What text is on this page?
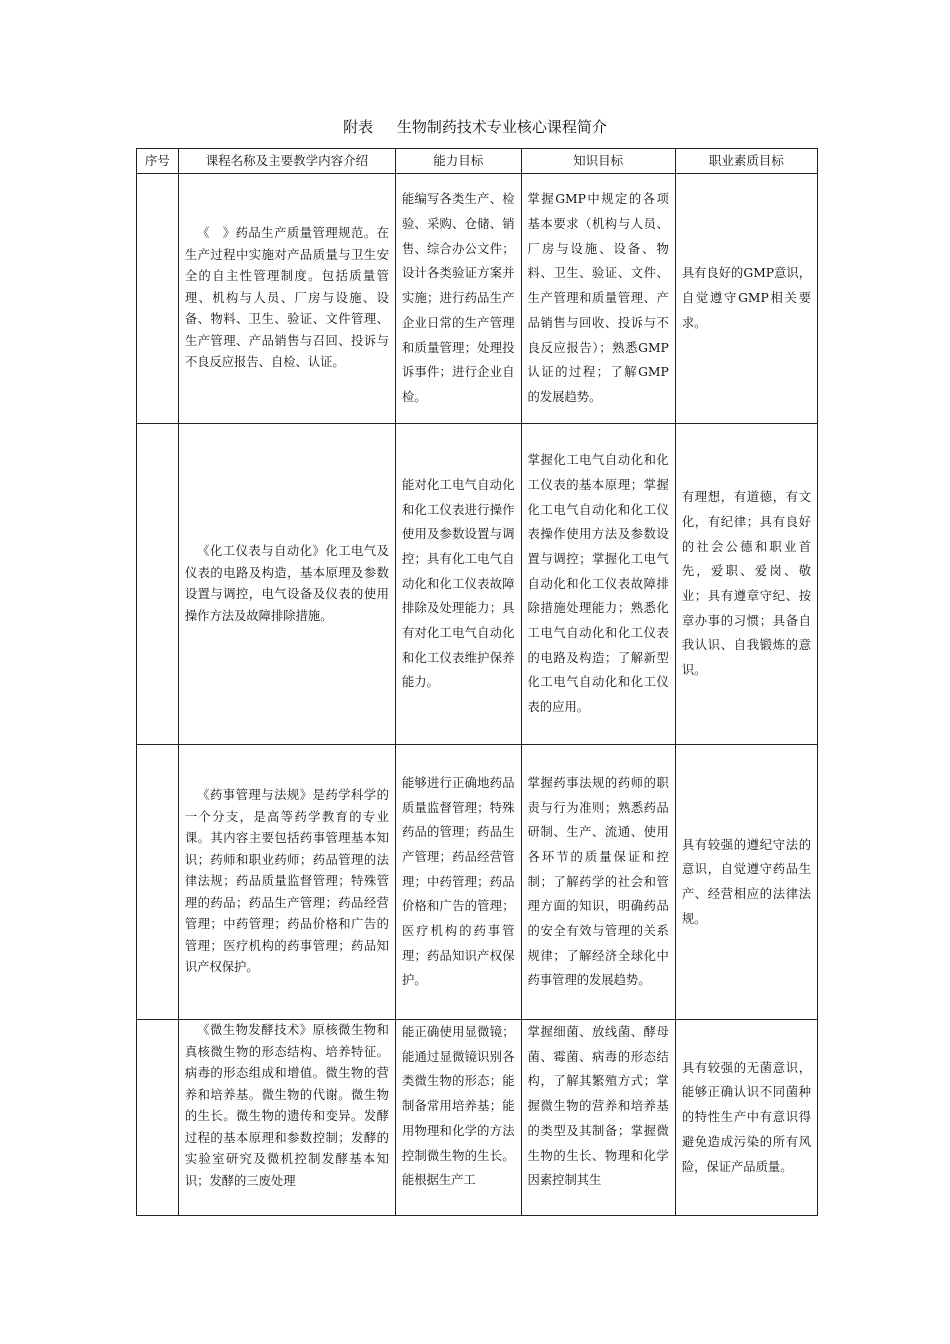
附表 生物制药技术专业核心课程简介
序号	课程名称及主要教学内容介绍	能力目标	知识目标	职业素质目标
	《　》药品生产质量管理规范。在生产过程中实施对产品质量与卫生安全的自主性管理制度。包括质量管理、机构与人员、厂房与设施、设备、物料、卫生、验证、文件管理、生产管理、产品销售与召回、投诉与不良反应报告、自检、认证。	能编写各类生产、检验、采购、仓储、销售、综合办公文件；设计各类验证方案并实施；进行药品生产企业日常的生产管理和质量管理；处理投诉事件；进行企业自检。	掌握GMP中规定的各项基本要求（机构与人员、厂房与设施、设备、物料、卫生、验证、文件、生产管理和质量管理、产品销售与回收、投诉与不良反应报告）；熟悉GMP认证的过程；了解GMP的发展趋势。	具有良好的GMP意识，自觉遵守GMP相关要求。
	《化工仪表与自动化》化工电气及仪表的电路及构造，基本原理及参数设置与调控，电气设备及仪表的使用操作方法及故障排除措施。	能对化工电气自动化和化工仪表进行操作使用及参数设置与调控；具有化工电气自动化和化工仪表故障排除及处理能力；具有对化工电气自动化和化工仪表维护保养能力。	掌握化工电气自动化和化工仪表的基本原理；掌握化工电气自动化和化工仪表操作使用方法及参数设置与调控；掌握化工电气自动化和化工仪表故障排除措施处理能力；熟悉化工电气自动化和化工仪表的电路及构造；了解新型化工电气自动化和化工仪表的应用。	有理想，有道德，有文化，有纪律；具有良好的社会公德和职业首先，爱职、爱岗、敬业；具有遵章守纪、按章办事的习惯；具备自我认识、自我锻炼的意识。
	《药事管理与法规》是药学科学的一个分支，是高等药学教育的专业课。其内容主要包括药事管理基本知识；药师和职业药师；药品管理的法律法规；药品质量监督管理；特殊管理的药品；药品生产管理；药品经营管理；中药管理；药品价格和广告的管理；医疗机构的药事管理；药品知识产权保护。	能够进行正确地药品质量监督管理；特殊药品的管理；药品生产管理；药品经营管理；中药管理；药品价格和广告的管理；医疗机构的药事管理；药品知识产权保护。	掌握药事法规的药师的职责与行为准则；熟悉药品研制、生产、流通、使用各环节的质量保证和控制；了解药学的社会和管理方面的知识，明确药品的安全有效与管理的关系规律；了解经济全球化中药事管理的发展趋势。	具有较强的遵纪守法的意识，自觉遵守药品生产、经营相应的法律法规。
	《微生物发酵技术》原核微生物和真核微生物的形态结构、培养特征。病毒的形态组成和增值。微生物的营养和培养基。微生物的代谢。微生物的生长。微生物的遗传和变异。发酵过程的基本原理和参数控制；发酵的实验室研究及微机控制发酵基本知识；发酵的三废处理	能正确使用显微镜；能通过显微镜识别各类微生物的形态；能制备常用培养基；能用物理和化学的方法控制微生物的生长。能根据生产工	掌握细菌、放线菌、酵母菌、霉菌、病毒的形态结构，了解其繁殖方式；掌握微生物的营养和培养基的类型及其制备；掌握微生物的生长、物理和化学因素控制其生	具有较强的无菌意识，能够正确认识不同菌种的特性生产中有意识得避免造成污染的所有风险，保证产品质量。
